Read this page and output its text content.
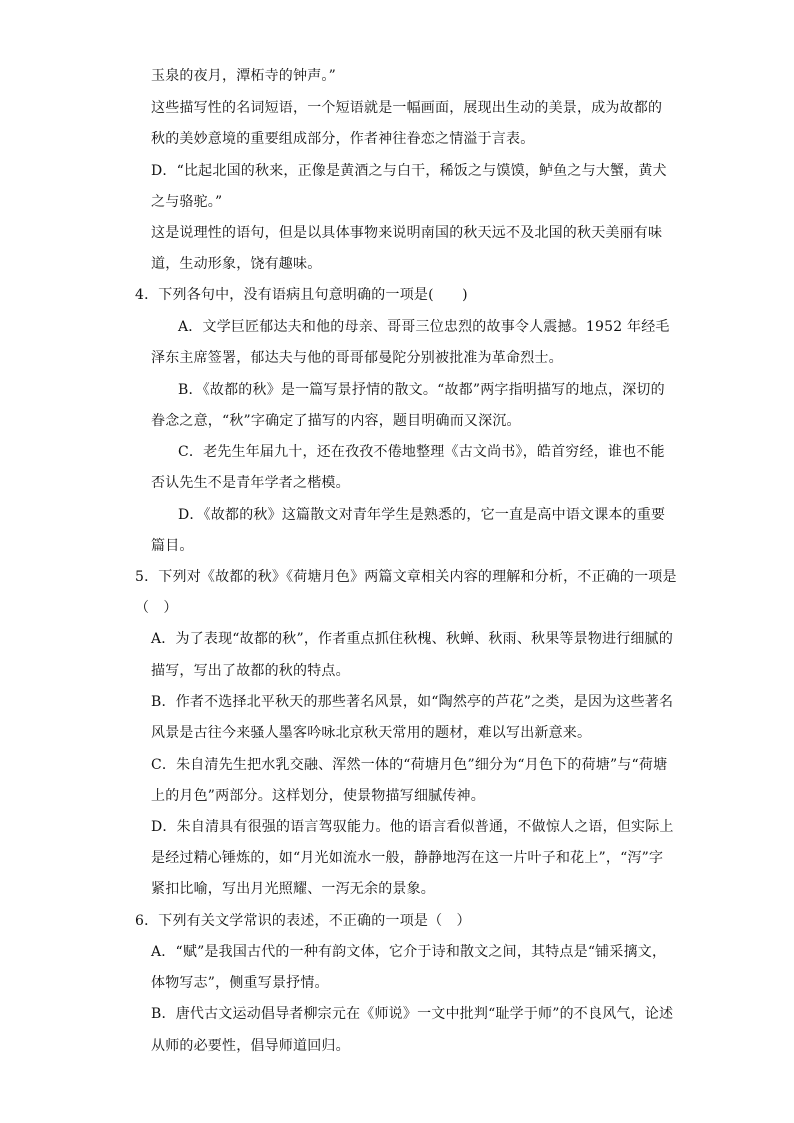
玉泉的夜月，潭柘寺的钟声。”
这些描写性的名词短语，一个短语就是一幅画面，展现出生动的美景，成为故都的
秋的美妙意境的重要组成部分，作者神往眷恋之情溢于言表。
D．“比起北国的秋来，正像是黄酒之与白干，稀饭之与馍馍，鲈鱼之与大蟹，黄犬
之与骆驼。”
这是说理性的语句，但是以具体事物来说明南国的秋天远不及北国的秋天美丽有味
道，生动形象，饶有趣味。
4．下列各句中，没有语病且句意明确的一项是(　　)
A．文学巨匠郁达夫和他的母亲、哥哥三位忠烈的故事令人震撼。1952 年经毛
泽东主席签署，郁达夫与他的哥哥郁曼陀分别被批准为革命烈士。
B．《故都的秋》是一篇写景抒情的散文。“故都”两字指明描写的地点，深切的
眷念之意，“秋”字确定了描写的内容，题目明确而又深沉。
C．老先生年届九十，还在孜孜不倦地整理《古文尚书》，皓首穷经，谁也不能
否认先生不是青年学者之楷模。
D．《故都的秋》这篇散文对青年学生是熟悉的，它一直是高中语文课本的重要
篇目。
5．下列对《故都的秋》《荷塘月色》两篇文章相关内容的理解和分析，不正确的一项是
（　）
A．为了表现“故都的秋”，作者重点抓住秋槐、秋蝉、秋雨、秋果等景物进行细腻的
描写，写出了故都的秋的特点。
B．作者不选择北平秋天的那些著名风景，如“陶然亭的芦花”之类，是因为这些著名
风景是古往今来骚人墨客吟咏北京秋天常用的题材，难以写出新意来。
C．朱自清先生把水乳交融、浑然一体的“荷塘月色”细分为“月色下的荷塘”与“荷塘
上的月色”两部分。这样划分，使景物描写细腻传神。
D．朱自清具有很强的语言驾驭能力。他的语言看似普通，不做惊人之语，但实际上
是经过精心锤炼的，如“月光如流水一般，静静地泻在这一片叶子和花上”，“泻”字
紧扣比喻，写出月光照耀、一泻无余的景象。
6．下列有关文学常识的表述，不正确的一项是（　）
A．“赋”是我国古代的一种有韵文体，它介于诗和散文之间，其特点是“铺采摛文，
体物写志”，侧重写景抒情。
B．唐代古文运动倡导者柳宗元在《师说》一文中批判“耻学于师”的不良风气，论述
从师的必要性，倡导师道回归。
